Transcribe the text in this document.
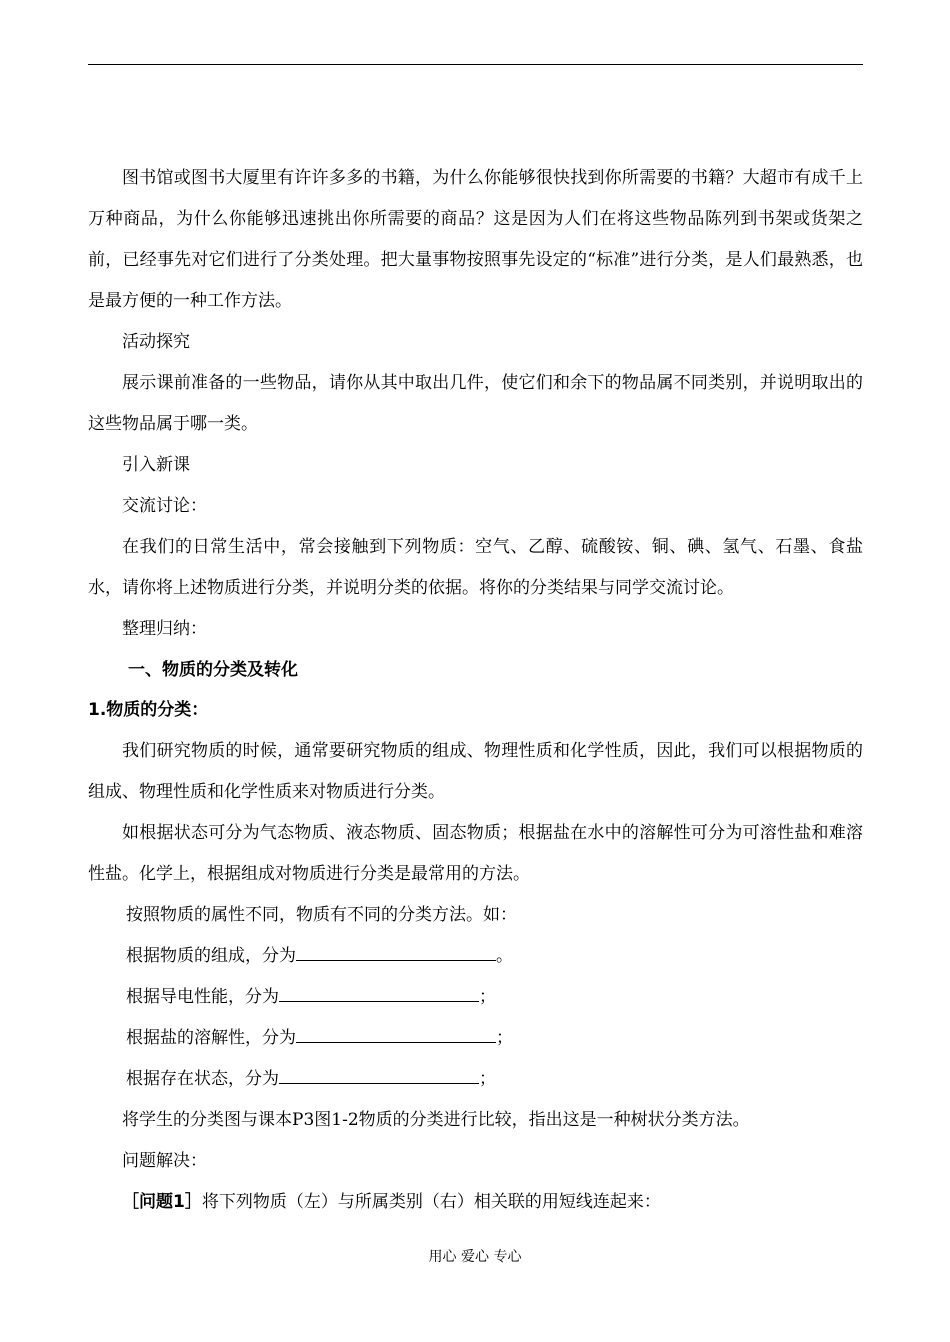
图书馆或图书大厦里有许许多多的书籍，为什么你能够很快找到你所需要的书籍？大超市有成千上万种商品，为什么你能够迅速挑出你所需要的商品？这是因为人们在将这些物品陈列到书架或货架之前，已经事先对它们进行了分类处理。把大量事物按照事先设定的“标准”进行分类，是人们最熟悉，也是最方便的一种工作方法。

活动探究

展示课前准备的一些物品，请你从其中取出几件，使它们和余下的物品属不同类别，并说明取出的这些物品属于哪一类。

引入新课

交流讨论：

在我们的日常生活中，常会接触到下列物质：空气、乙醇、硫酸铵、铜、碘、氢气、石墨、食盐水，请你将上述物质进行分类，并说明分类的依据。将你的分类结果与同学交流讨论。

整理归纳：

一、物质的分类及转化

1.物质的分类：

我们研究物质的时候，通常要研究物质的组成、物理性质和化学性质，因此，我们可以根据物质的组成、物理性质和化学性质来对物质进行分类。

如根据状态可分为气态物质、液态物质、固态物质；根据盐在水中的溶解性可分为可溶性盐和难溶性盐。化学上，根据组成对物质进行分类是最常用的方法。

按照物质的属性不同，物质有不同的分类方法。如：

根据物质的组成，分为	。

根据导电性能，分为	；

根据盐的溶解性，分为	；

根据存在状态，分为	；

将学生的分类图与课本P3图1-2物质的分类进行比较，指出这是一种树状分类方法。

问题解决：

［问题1］将下列物质（左）与所属类别（右）相关联的用短线连起来：

用心 爱心 专心
